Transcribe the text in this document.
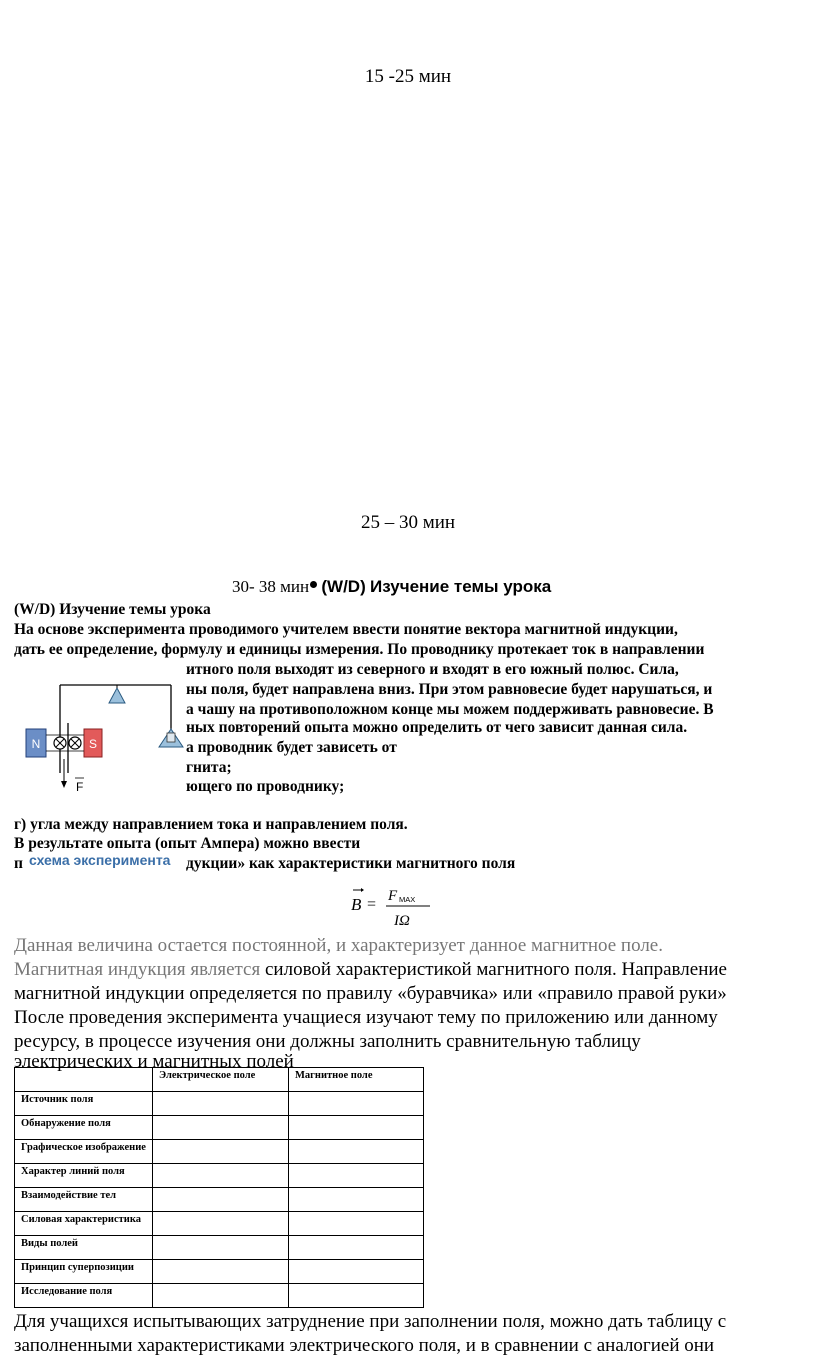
15 -25 мин
25 – 30 мин
30- 38 мин (W/D) Изучение темы урока
(W/D) Изучение темы урока
На основе эксперимента проводимого учителем ввести понятие вектора магнитной индукции,
дать ее определение, формулу и единицы измерения. По проводнику протекает ток в направлении
итного поля выходят из северного и входят в его южный полюс. Сила,
ны поля, будет направлена вниз. При этом равновесие будет нарушаться, и
а чашу на противоположном конце мы можем поддерживать равновесие. В
ных повторений опыта можно определить от чего зависит данная сила.
а проводник будет зависеть от
гнита;
ющего по проводнику;
г) угла между направлением тока и направлением поля.
В результате опыта (опыт Ампера) можно ввести
п	дукции» как характеристики магнитного поля
N	S
F
схема эксперимента
B = F MAX
IΩ
Данная величина остается постоянной, и характеризует данное магнитное поле.
Магнитная индукция является силовой характеристикой магнитного поля. Направление
магнитной индукции определяется по правилу «буравчика» или «правило правой руки»
После проведения эксперимента учащиеся изучают тему по приложению или данному
ресурсу, в процессе изучения они должны заполнить сравнительную таблицу
электрических и магнитных полей
	Электрическое поле	Магнитное поле
Источник поля		
Обнаружение поля		
Графическое изображение		
Характер линий поля		
Взаимодействие тел		
Силовая характеристика		
Виды полей		
Принцип суперпозиции		
Исследование поля		
Для учащихся испытывающих затруднение при заполнении поля, можно дать таблицу с
заполненными характеристиками электрического поля, и в сравнении с аналогией они
